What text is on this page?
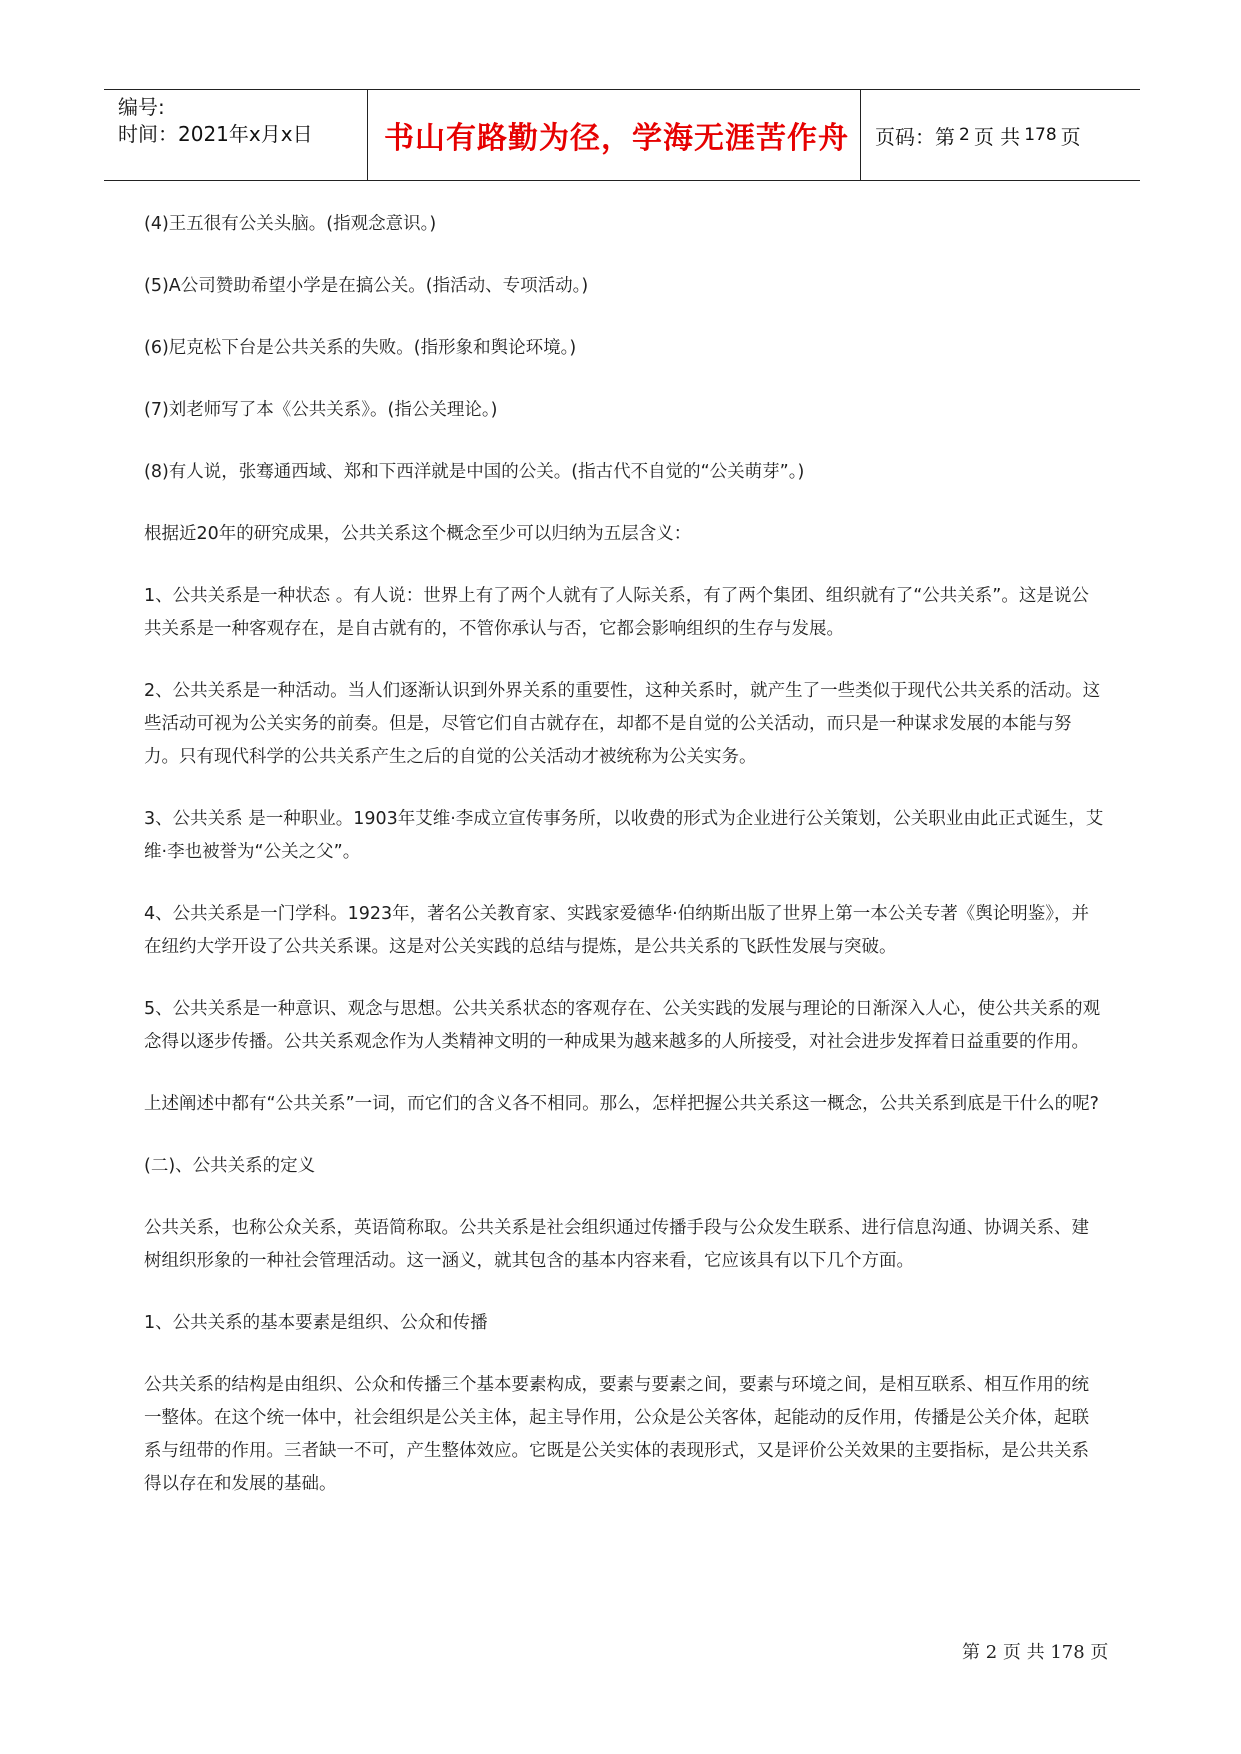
编号:
时间：2021年x月x日	书山有路勤为径，学海无涯苦作舟	页码：第 2 页 共 178 页

(4)王五很有公关头脑。(指观念意识。)

(5)A公司赞助希望小学是在搞公关。(指活动、专项活动。)

(6)尼克松下台是公共关系的失败。(指形象和舆论环境。)

(7)刘老师写了本《公共关系》。(指公关理论。)

(8)有人说，张骞通西域、郑和下西洋就是中国的公关。(指古代不自觉的“公关萌芽”。)

根据近20年的研究成果，公共关系这个概念至少可以归纳为五层含义：

1、公共关系是一种状态 。有人说：世界上有了两个人就有了人际关系，有了两个集团、组织就有了“公共关系”。这是说公共关系是一种客观存在，是自古就有的，不管你承认与否，它都会影响组织的生存与发展。

2、公共关系是一种活动。当人们逐渐认识到外界关系的重要性，这种关系时，就产生了一些类似于现代公共关系的活动。这些活动可视为公关实务的前奏。但是，尽管它们自古就存在，却都不是自觉的公关活动，而只是一种谋求发展的本能与努力。只有现代科学的公共关系产生之后的自觉的公关活动才被统称为公关实务。

3、公共关系 是一种职业。1903年艾维·李成立宣传事务所，以收费的形式为企业进行公关策划，公关职业由此正式诞生，艾维·李也被誉为“公关之父”。

4、公共关系是一门学科。1923年，著名公关教育家、实践家爱德华·伯纳斯出版了世界上第一本公关专著《舆论明鉴》，并在纽约大学开设了公共关系课。这是对公关实践的总结与提炼，是公共关系的飞跃性发展与突破。

5、公共关系是一种意识、观念与思想。公共关系状态的客观存在、公关实践的发展与理论的日渐深入人心，使公共关系的观念得以逐步传播。公共关系观念作为人类精神文明的一种成果为越来越多的人所接受，对社会进步发挥着日益重要的作用。

上述阐述中都有“公共关系”一词，而它们的含义各不相同。那么，怎样把握公共关系这一概念，公共关系到底是干什么的呢?

(二)、公共关系的定义

公共关系，也称公众关系，英语简称取。公共关系是社会组织通过传播手段与公众发生联系、进行信息沟通、协调关系、建树组织形象的一种社会管理活动。这一涵义，就其包含的基本内容来看，它应该具有以下几个方面。

1、公共关系的基本要素是组织、公众和传播

公共关系的结构是由组织、公众和传播三个基本要素构成，要素与要素之间，要素与环境之间，是相互联系、相互作用的统一整体。在这个统一体中，社会组织是公关主体，起主导作用，公众是公关客体，起能动的反作用，传播是公关介体，起联系与纽带的作用。三者缺一不可，产生整体效应。它既是公关实体的表现形式，又是评价公关效果的主要指标，是公共关系得以存在和发展的基础。

第 2 页 共 178 页
